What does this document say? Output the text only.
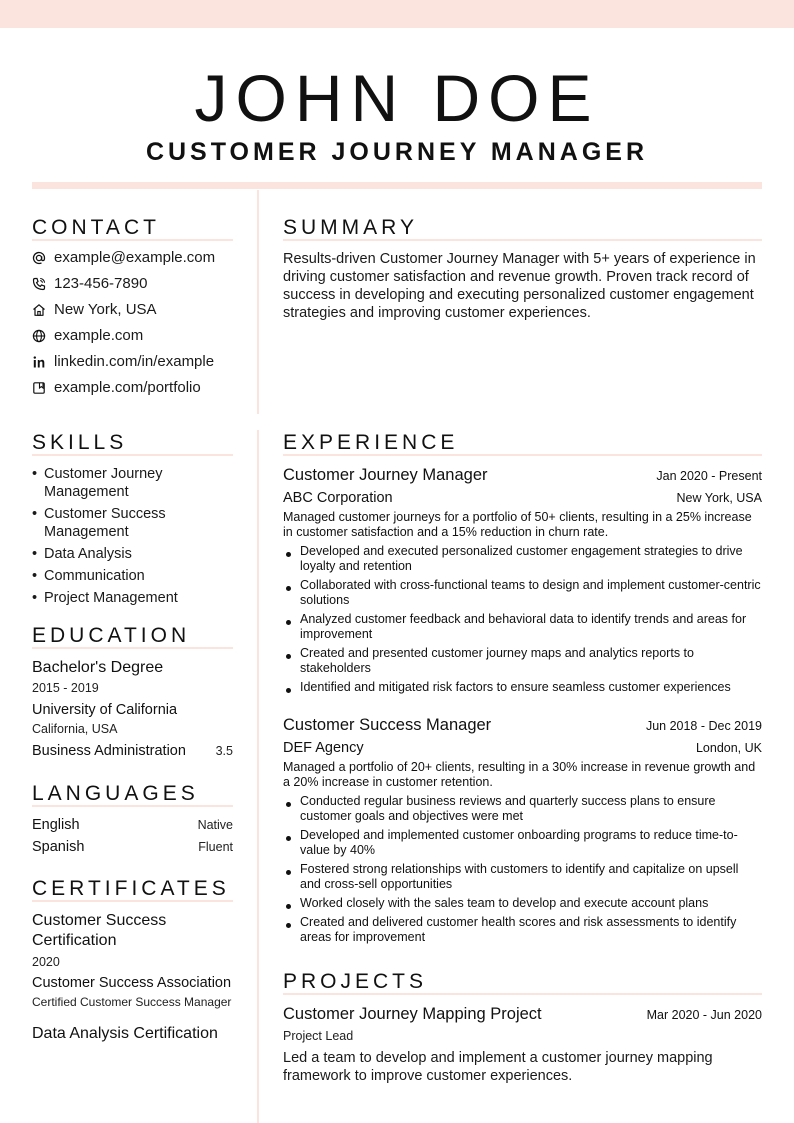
JOHN DOE
CUSTOMER JOURNEY MANAGER
CONTACT
example@example.com
123-456-7890
New York, USA
example.com
linkedin.com/in/example
example.com/portfolio
SUMMARY
Results-driven Customer Journey Manager with 5+ years of experience in driving customer satisfaction and revenue growth. Proven track record of success in developing and executing personalized customer engagement strategies and improving customer experiences.
SKILLS
• Customer Journey Management
• Customer Success Management
• Data Analysis
• Communication
• Project Management
EDUCATION
Bachelor's Degree
2015 - 2019
University of California
California, USA
Business Administration 3.5
LANGUAGES
English	Native
Spanish	Fluent
CERTIFICATES
Customer Success Certification
2020
Customer Success Association
Certified Customer Success Manager
Data Analysis Certification
EXPERIENCE
Customer Journey Manager	Jan 2020 - Present
ABC Corporation	New York, USA
Managed customer journeys for a portfolio of 50+ clients, resulting in a 25% increase in customer satisfaction and a 15% reduction in churn rate.
Developed and executed personalized customer engagement strategies to drive loyalty and retention
Collaborated with cross-functional teams to design and implement customer-centric solutions
Analyzed customer feedback and behavioral data to identify trends and areas for improvement
Created and presented customer journey maps and analytics reports to stakeholders
Identified and mitigated risk factors to ensure seamless customer experiences
Customer Success Manager	Jun 2018 - Dec 2019
DEF Agency	London, UK
Managed a portfolio of 20+ clients, resulting in a 30% increase in revenue growth and a 20% increase in customer retention.
Conducted regular business reviews and quarterly success plans to ensure customer goals and objectives were met
Developed and implemented customer onboarding programs to reduce time-to-value by 40%
Fostered strong relationships with customers to identify and capitalize on upsell and cross-sell opportunities
Worked closely with the sales team to develop and execute account plans
Created and delivered customer health scores and risk assessments to identify areas for improvement
PROJECTS
Customer Journey Mapping Project	Mar 2020 - Jun 2020
Project Lead
Led a team to develop and implement a customer journey mapping framework to improve customer experiences.
